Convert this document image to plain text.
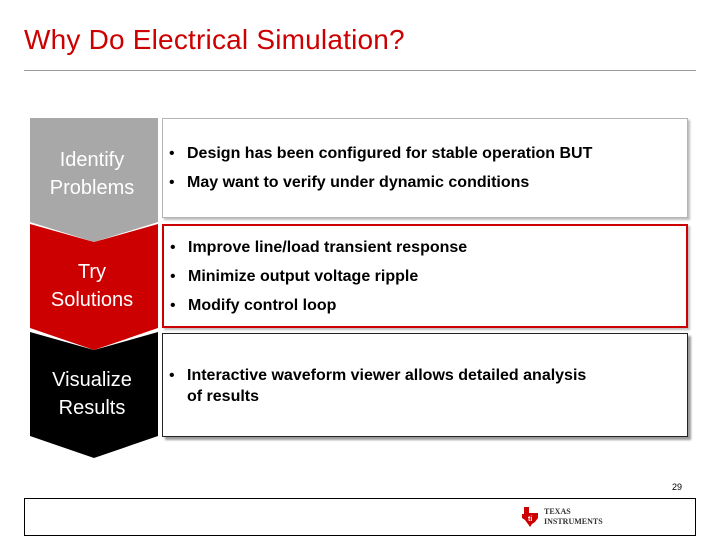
Why Do Electrical Simulation?
Identify
Problems
Try
Solutions
Visualize
Results
• Design has been configured for stable operation BUT
• May want to verify under dynamic conditions
• Improve line/load transient response
• Minimize output voltage ripple
• Modify control loop
• Interactive waveform viewer allows detailed analysis
of results
29
ti
TEXAS
INSTRUMENTS
